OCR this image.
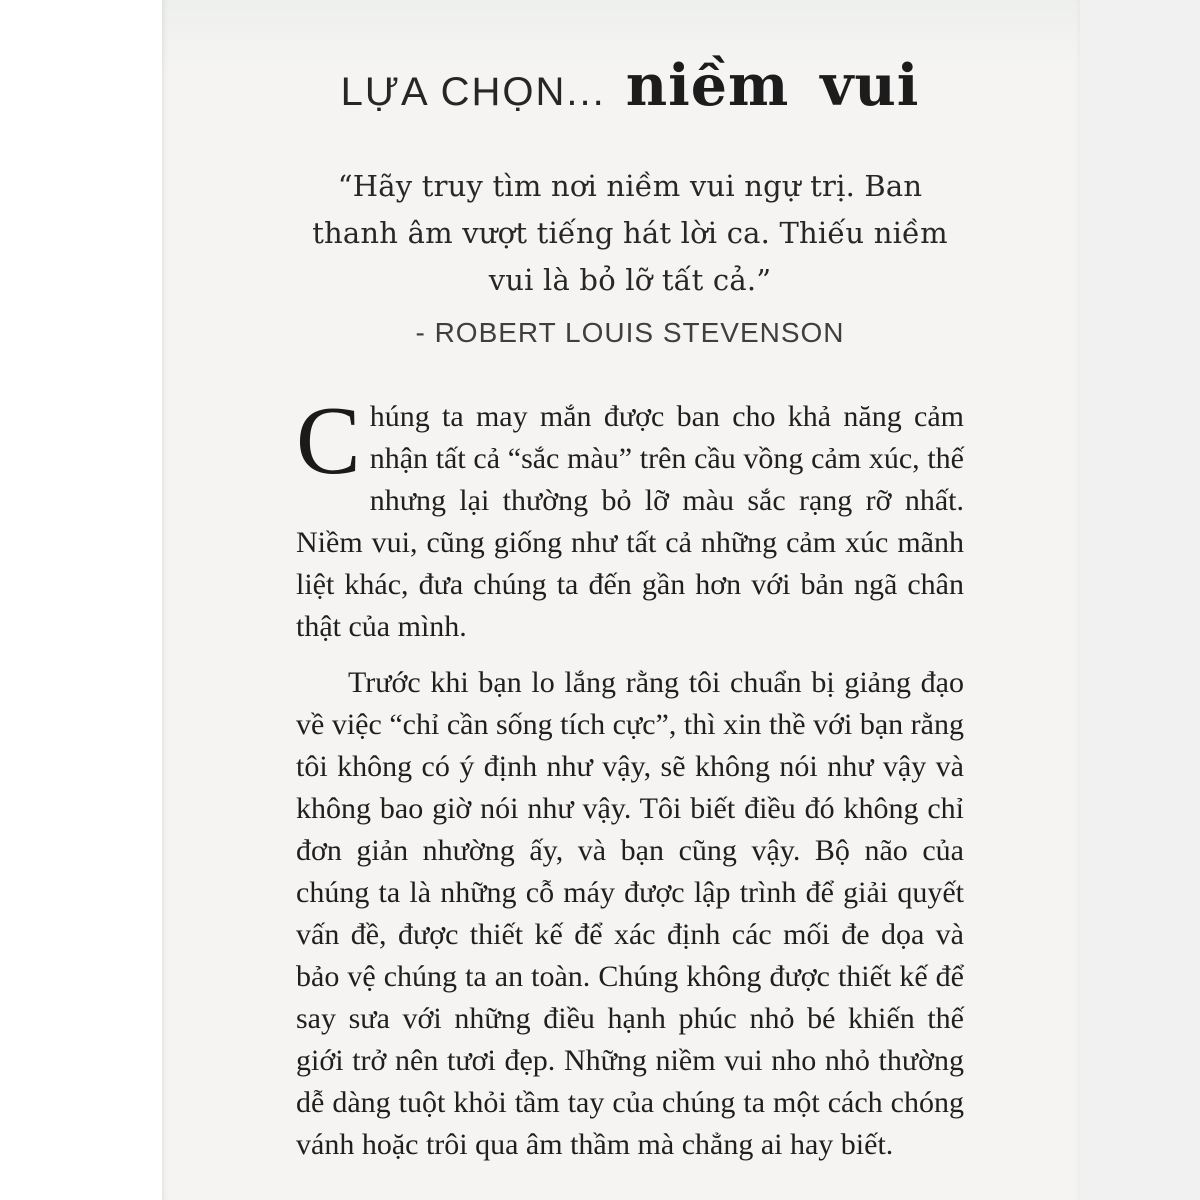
LỰA CHỌN... niềm vui
“Hãy truy tìm nơi niềm vui ngự trị. Ban
thanh âm vượt tiếng hát lời ca. Thiếu niềm
vui là bỏ lỡ tất cả.”
- ROBERT LOUIS STEVENSON

Chúng ta may mắn được ban cho khả năng cảm nhận tất cả “sắc màu” trên cầu vồng cảm xúc, thế nhưng lại thường bỏ lỡ màu sắc rạng rỡ nhất. Niềm vui, cũng giống như tất cả những cảm xúc mãnh liệt khác, đưa chúng ta đến gần hơn với bản ngã chân thật của mình.

Trước khi bạn lo lắng rằng tôi chuẩn bị giảng đạo về việc “chỉ cần sống tích cực”, thì xin thề với bạn rằng tôi không có ý định như vậy, sẽ không nói như vậy và không bao giờ nói như vậy. Tôi biết điều đó không chỉ đơn giản nhường ấy, và bạn cũng vậy. Bộ não của chúng ta là những cỗ máy được lập trình để giải quyết vấn đề, được thiết kế để xác định các mối đe dọa và bảo vệ chúng ta an toàn. Chúng không được thiết kế để say sưa với những điều hạnh phúc nhỏ bé khiến thế giới trở nên tươi đẹp. Những niềm vui nho nhỏ thường dễ dàng tuột khỏi tầm tay của chúng ta một cách chóng vánh hoặc trôi qua âm thầm mà chẳng ai hay biết.
